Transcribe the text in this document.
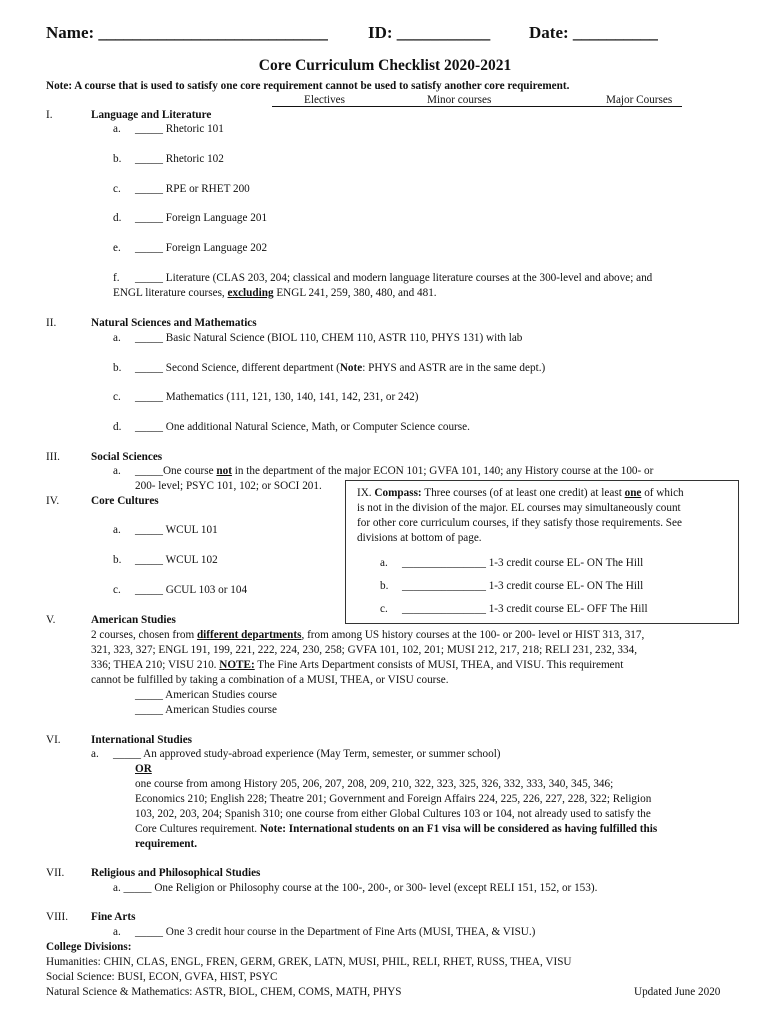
Name: ___________________________ ID: ___________ Date: __________
Core Curriculum Checklist 2020-2021
Note: A course that is used to satisfy one core requirement cannot be used to satisfy another core requirement.
Electives	Minor courses	Major Courses
I.	Language and Literature
a. _____ Rhetoric 101
b. _____ Rhetoric 102
c. _____ RPE or RHET 200
d. _____ Foreign Language 201
e. _____ Foreign Language 202
f. _____ Literature (CLAS 203, 204; classical and modern language literature courses at the 300-level and above; and
ENGL literature courses, excluding ENGL 241, 259, 380, 480, and 481.
II.	Natural Sciences and Mathematics
a. _____ Basic Natural Science (BIOL 110, CHEM 110, ASTR 110, PHYS 131) with lab
b. _____ Second Science, different department (Note: PHYS and ASTR are in the same dept.)
c. _____ Mathematics (111, 121, 130, 140, 141, 142, 231, or 242)
d. _____ One additional Natural Science, Math, or Computer Science course.
III.	Social Sciences
a. _____One course not in the department of the major ECON 101; GVFA 101, 140; any History course at the 100- or
200- level; PSYC 101, 102; or SOCI 201.
IV.	Core Cultures
a. _____ WCUL 101
b. _____ WCUL 102
c. _____ GCUL 103 or 104
IX. Compass: Three courses (of at least one credit) at least one of which
is not in the division of the major. EL courses may simultaneously count
for other core curriculum courses, if they satisfy those requirements. See
divisions at bottom of page.
a. _______________ 1-3 credit course EL- ON The Hill
b. _______________ 1-3 credit course EL- ON The Hill
c. _______________ 1-3 credit course EL- OFF The Hill
V.	American Studies
2 courses, chosen from different departments, from among US history courses at the 100- or 200- level or HIST 313, 317,
321, 323, 327; ENGL 191, 199, 221, 222, 224, 230, 258; GVFA 101, 102, 201; MUSI 212, 217, 218; RELI 231, 232, 334,
336; THEA 210; VISU 210. NOTE: The Fine Arts Department consists of MUSI, THEA, and VISU. This requirement
cannot be fulfilled by taking a combination of a MUSI, THEA, or VISU course.
_____ American Studies course
_____ American Studies course
VI.	International Studies
a. _____ An approved study-abroad experience (May Term, semester, or summer school)
OR
one course from among History 205, 206, 207, 208, 209, 210, 322, 323, 325, 326, 332, 333, 340, 345, 346;
Economics 210; English 228; Theatre 201; Government and Foreign Affairs 224, 225, 226, 227, 228, 322; Religion
103, 202, 203, 204; Spanish 310; one course from either Global Cultures 103 or 104, not already used to satisfy the
Core Cultures requirement. Note: International students on an F1 visa will be considered as having fulfilled this
requirement.
VII. Religious and Philosophical Studies
a. _____ One Religion or Philosophy course at the 100-, 200-, or 300- level (except RELI 151, 152, or 153).
VIII. Fine Arts
a. _____ One 3 credit hour course in the Department of Fine Arts (MUSI, THEA, & VISU.)
College Divisions:
Humanities: CHIN, CLAS, ENGL, FREN, GERM, GREK, LATN, MUSI, PHIL, RELI, RHET, RUSS, THEA, VISU
Social Science: BUSI, ECON, GVFA, HIST, PSYC
Natural Science & Mathematics: ASTR, BIOL, CHEM, COMS, MATH, PHYS	Updated June 2020
